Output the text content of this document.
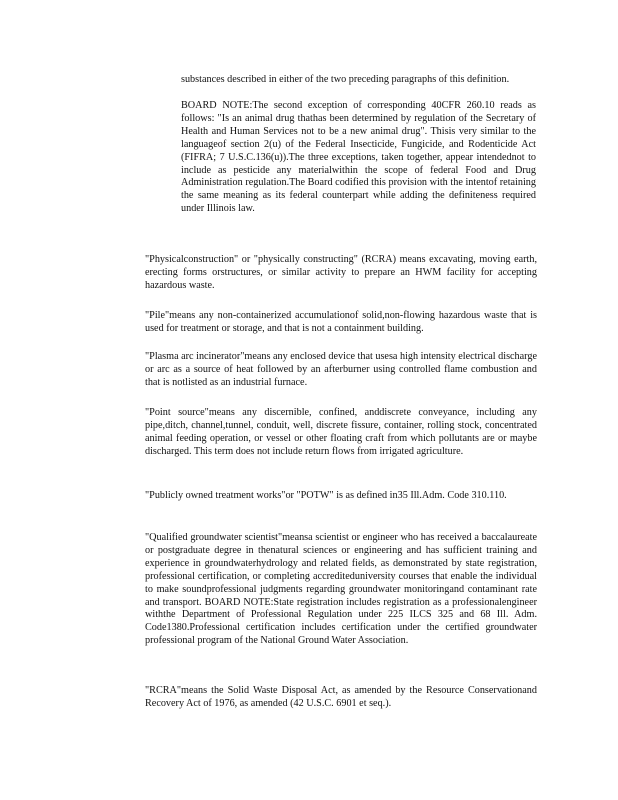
substances described in either of the two preceding paragraphs of this definition.

BOARD NOTE:The second exception of corresponding 40CFR 260.10 reads as follows: "Is an animal drug thathas been determined by regulation of the Secretary of Health and Human Services not to be a new animal drug". Thisis very similar to the languageof section 2(u) of the Federal Insecticide, Fungicide, and Rodenticide Act (FIFRA; 7 U.S.C.136(u)).The three exceptions, taken together, appear intendednot to include as pesticide any materialwithin the scope of federal Food and Drug Administration regulation.The Board codified this provision with the intentof retaining the same meaning as its federal counterpart while adding the definiteness required under Illinois law.

"Physicalconstruction" or "physically constructing" (RCRA) means excavating, moving earth, erecting forms orstructures, or similar activity to prepare an HWM facility for accepting hazardous waste.

"Pile"means any non-containerized accumulationof solid,non-flowing hazardous waste that is used for treatment or storage, and that is not a containment building.

"Plasma arc incinerator"means any enclosed device that usesa high intensity electrical discharge or arc as a source of heat followed by an afterburner using controlled flame combustion and that is notlisted as an industrial furnace.

"Point source"means any discernible, confined, anddiscrete conveyance, including any pipe,ditch, channel,tunnel, conduit, well, discrete fissure, container, rolling stock, concentrated animal feeding operation, or vessel or other floating craft from which pollutants are or maybe discharged. This term does not include return flows from irrigated agriculture.

"Publicly owned treatment works"or "POTW" is as defined in35 Ill.Adm. Code 310.110.

"Qualified groundwater scientist"meansa scientist or engineer who has received a baccalaureate or postgraduate degree in thenatural sciences or engineering and has sufficient training and experience in groundwaterhydrology and related fields, as demonstrated by state registration, professional certification, or completing accrediteduniversity courses that enable the individual to make soundprofessional judgments regarding groundwater monitoringand contaminant rate and transport. BOARD NOTE:State registration includes registration as a professionalengineer withthe Department of Professional Regulation under 225 ILCS 325 and 68 Ill. Adm. Code1380.Professional certification includes certification under the certified groundwater professional program of the National Ground Water Association.

"RCRA"means the Solid Waste Disposal Act, as amended by the Resource Conservationand Recovery Act of 1976, as amended (42 U.S.C. 6901 et seq.).
